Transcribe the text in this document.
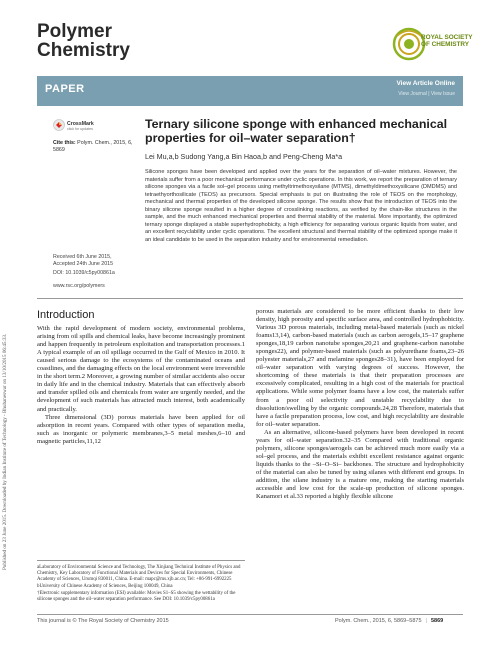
Polymer
Chemistry
ROYAL SOCIETY
OF CHEMISTRY
Published on 23 June 2015. Downloaded by Indian Institute of Technology - Bhubaneswar on 13/10/2015 06:45:33.
PAPER	View Article Online
View Journal | View Issue
CrossMark
click for updates
Cite this: Polym. Chem., 2015, 6, 5869
Received 6th June 2015,
Accepted 24th June 2015
DOI: 10.1039/c5py00861a
www.rsc.org/polymers
Ternary silicone sponge with enhanced mechanical properties for oil–water separation†
Lei Mu,a,b Sudong Yang,a Bin Haoa,b and Peng-Cheng Ma*a
Silicone sponges have been developed and applied over the years for the separation of oil–water mixtures. However, the materials suffer from a poor mechanical performance under cyclic operations. In this work, we report the preparation of ternary silicone sponges via a facile sol–gel process using methyltrimethoxysilane (MTMS), dimethyldimethoxysilicane (DMDMS) and tetraethyorthosilicate (TEOS) as precursors. Special emphasis is put on illustrating the role of TEOS on the morphology, mechanical and thermal properties of the developed silicone sponge. The results show that the introduction of TEOS into the binary silicone sponge resulted in a higher degree of crosslinking reactions, as verified by the chain-like structures in the sample, and the much enhanced mechanical properties and thermal stability of the material. More importantly, the optimized ternary sponge displayed a stable superhydrophobicity, a high efficiency for separating various organic liquids from water, and an excellent recyclability under cyclic operations. The excellent structural and thermal stability of the optimized sponge make it an ideal candidate to be used in the separation industry and for environmental remediation.

Introduction

With the rapid development of modern society, environmental problems, arising from oil spills and chemical leaks, have become increasingly prominent and happen frequently in petroleum exploitation and transportation processes.1 A typical example of an oil spillage occurred in the Gulf of Mexico in 2010. It caused serious damage to the ecosystems of the contaminated oceans and coastlines, and the damaging effects on the local environment were irreversible in the short term.2 Moreover, a growing number of similar accidents also occur in daily life and in the chemical industry. Materials that can effectively absorb and transfer spilled oils and chemicals from water are urgently needed, and the development of such materials has attracted much interest, both academically and practically.

Three dimensional (3D) porous materials have been applied for oil adsorption in recent years. Compared with other types of separation media, such as inorganic or polymeric membranes,3–5 metal meshes,6–10 and magnetic particles,11,12

aLaboratory of Environmental Science and Technology, The Xinjiang Technical Institute of Physics and Chemistry, Key Laboratory of Functional Materials and Devices for Special Environments, Chinese Academy of Sciences, Urumqi 830011, China. E-mail: mapc@ms.xjb.ac.cn; Tel: +86-991-6992225

bUniversity of Chinese Academy of Sciences, Beijing 100049, China

†Electronic supplementary information (ESI) available: Movies S1–S5 showing the wettability of the silicone sponges and the oil–water separation performance. See DOI: 10.1039/c5py00861a

porous materials are considered to be more efficient thanks to their low density, high porosity and specific surface area, and controlled hydrophobicity. Various 3D porous materials, including metal-based materials (such as nickel foams13,14), carbon-based materials (such as carbon aerogels,15–17 graphene sponges,18,19 carbon nanotube sponges,20,21 and graphene-carbon nanotube sponges22), and polymer-based materials (such as polyurethane foams,23–26 polyester materials,27 and melamine sponges28–31), have been employed for oil–water separation with varying degrees of success. However, the shortcoming of these materials is that their preparation processes are excessively complicated, resulting in a high cost of the materials for practical applications. While some polymer foams have a low cost, the materials suffer from a poor oil selectivity and unstable recyclability due to dissolution/swelling by the organic compounds.24,28 Therefore, materials that have a facile preparation process, low cost, and high recyclability are desirable for oil–water separation.

As an alternative, silicone-based polymers have been developed in recent years for oil–water separation.32–35 Compared with traditional organic polymers, silicone sponges/aerogels can be achieved much more easily via a sol–gel process, and the materials exhibit excellent resistance against organic liquids thanks to the –Si–O–Si– backbones. The structure and hydrophobicity of the material can also be tuned by using silanes with different end groups. In addition, the silane industry is a mature one, making the starting materials accessible and low cost for the scale-up production of silicone sponges. Kanamori et al.33 reported a highly flexible silicone

This journal is © The Royal Society of Chemistry 2015	Polym. Chem., 2015, 6, 5869–5875 | 5869
